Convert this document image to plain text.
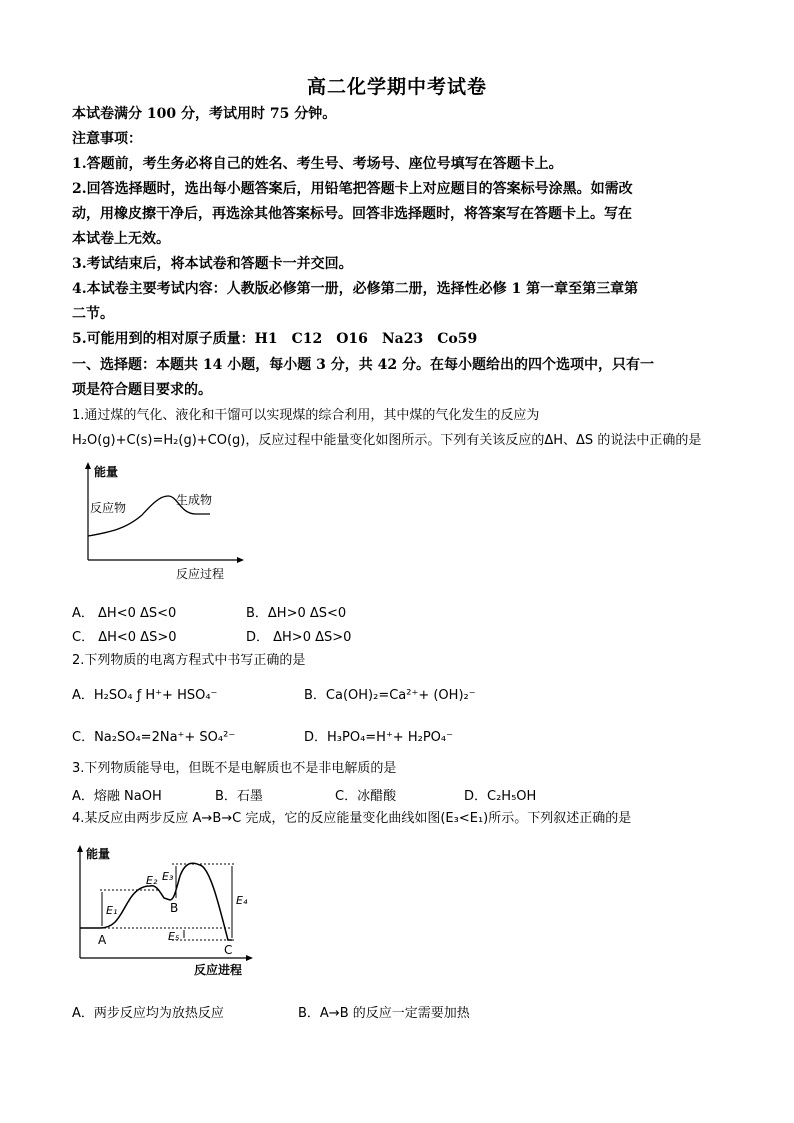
高二化学期中考试卷
本试卷满分 100 分，考试用时 75 分钟。
注意事项：
1.答题前，考生务必将自己的姓名、考生号、考场号、座位号填写在答题卡上。
2.回答选择题时，选出每小题答案后，用铅笔把答题卡上对应题目的答案标号涂黑。如需改
动，用橡皮擦干净后，再选涂其他答案标号。回答非选择题时，将答案写在答题卡上。写在
本试卷上无效。
3.考试结束后，将本试卷和答题卡一并交回。
4.本试卷主要考试内容：人教版必修第一册，必修第二册，选择性必修 1 第一章至第三章第
二节。
5.可能用到的相对原子质量：H1　C12　O16　Na23　Co59
一、选择题：本题共 14 小题，每小题 3 分，共 42 分。在每小题给出的四个选项中，只有一
项是符合题目要求的。
1.通过煤的气化、液化和干馏可以实现煤的综合利用，其中煤的气化发生的反应为
H₂O(g)+C(s)=H₂(g)+CO(g)，反应过程中能量变化如图所示。下列有关该反应的ΔH、ΔS 的说法中正确的是
能量
反应物
生成物
反应过程
A． ΔH<0 ΔS<0	B．ΔH>0 ΔS<0
C． ΔH<0 ΔS>0	D． ΔH>0 ΔS>0
2.下列物质的电离方程式中书写正确的是
A．H₂SO₄ ƒ H⁺+ HSO₄⁻	B．Ca(OH)₂=Ca²⁺+ (OH)₂⁻
C．Na₂SO₄=2Na⁺+ SO₄²⁻	D．H₃PO₄=H⁺+ H₂PO₄⁻
3.下列物质能导电，但既不是电解质也不是非电解质的是
A．熔融 NaOH	B．石墨	C．冰醋酸	D．C₂H₅OH
4.某反应由两步反应 A→B→C 完成，它的反应能量变化曲线如图(E₃<E₁)所示。下列叙述正确的是
E₁
E₂ E₃
E₄
E₅
A
B
C
能量
反应进程
A．两步反应均为放热反应	B．A→B 的反应一定需要加热
